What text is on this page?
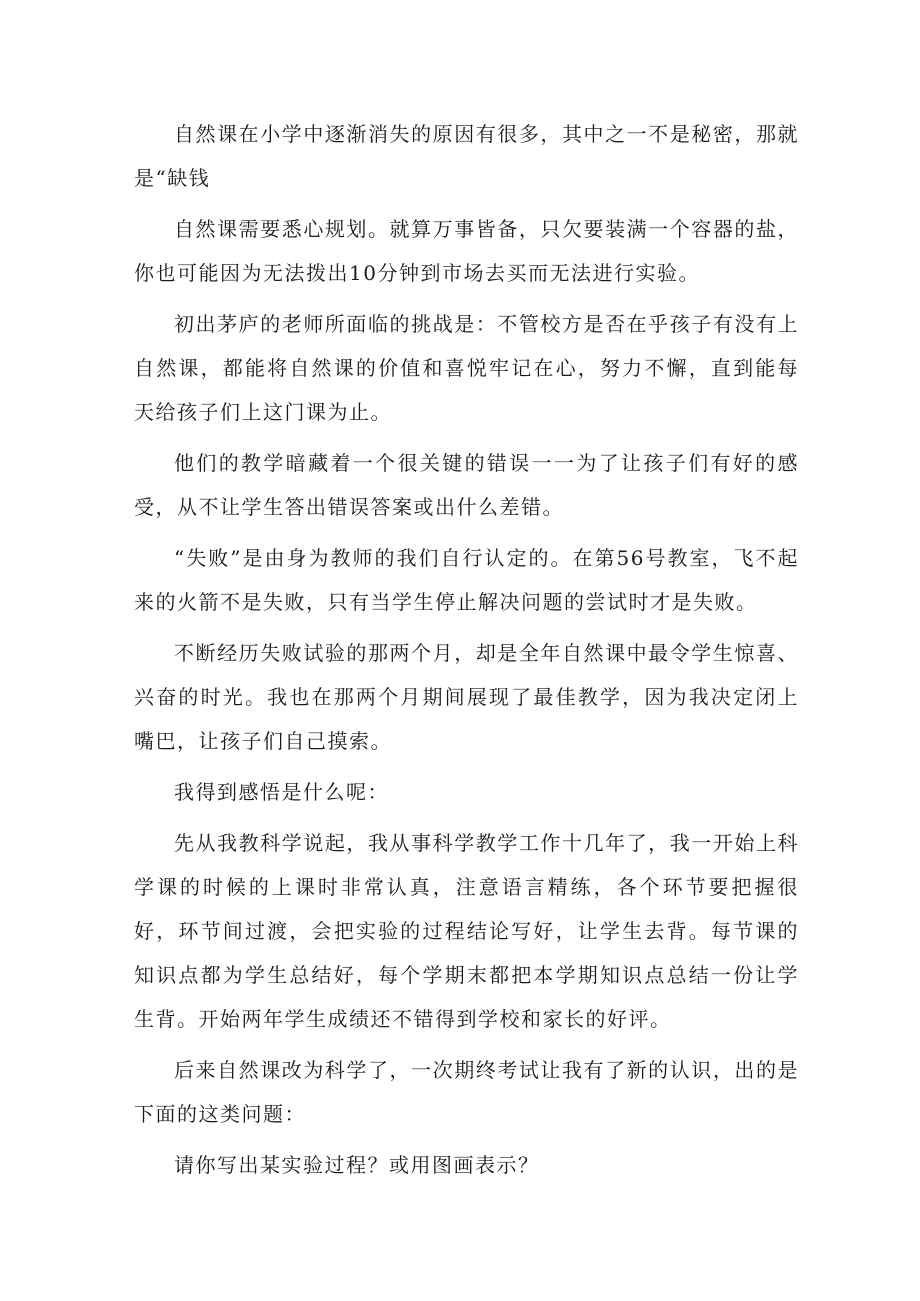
自然课在小学中逐渐消失的原因有很多，其中之一不是秘密，那就是“缺钱

自然课需要悉心规划。就算万事皆备，只欠要装满一个容器的盐，你也可能因为无法拨出10分钟到市场去买而无法进行实验。

初出茅庐的老师所面临的挑战是：不管校方是否在乎孩子有没有上自然课，都能将自然课的价值和喜悦牢记在心，努力不懈，直到能每天给孩子们上这门课为止。

他们的教学暗藏着一个很关键的错误一一为了让孩子们有好的感受，从不让学生答出错误答案或出什么差错。

“失败”是由身为教师的我们自行认定的。在第56号教室，飞不起来的火箭不是失败，只有当学生停止解决问题的尝试时才是失败。

不断经历失败试验的那两个月，却是全年自然课中最令学生惊喜、兴奋的时光。我也在那两个月期间展现了最佳教学，因为我决定闭上嘴巴，让孩子们自己摸索。

我得到感悟是什么呢：

先从我教科学说起，我从事科学教学工作十几年了，我一开始上科学课的时候的上课时非常认真，注意语言精练，各个环节要把握很好，环节间过渡，会把实验的过程结论写好，让学生去背。每节课的知识点都为学生总结好，每个学期末都把本学期知识点总结一份让学生背。开始两年学生成绩还不错得到学校和家长的好评。

后来自然课改为科学了，一次期终考试让我有了新的认识，出的是下面的这类问题：

请你写出某实验过程？或用图画表示？
